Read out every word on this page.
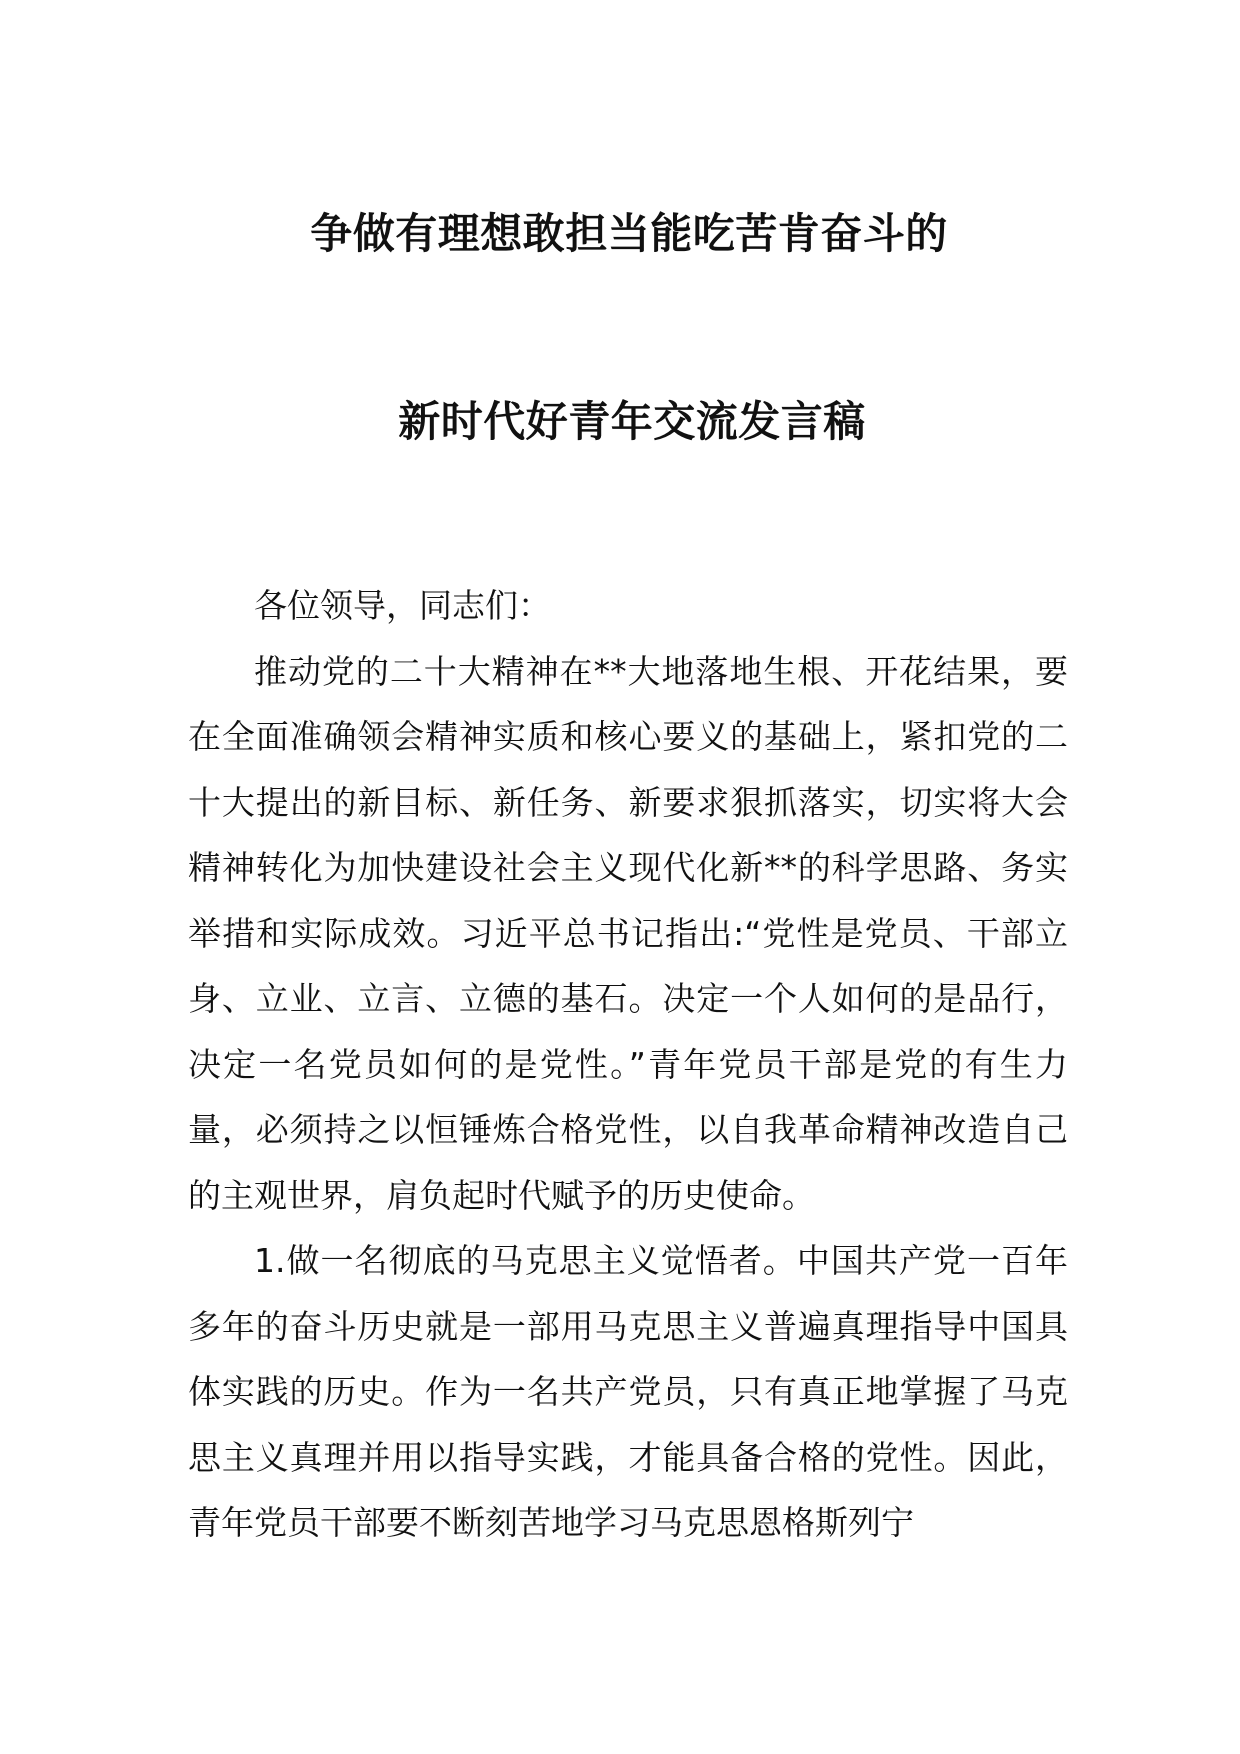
争做有理想敢担当能吃苦肯奋斗的
新时代好青年交流发言稿

各位领导，同志们：

推动党的二十大精神在**大地落地生根、开花结果，要在全面准确领会精神实质和核心要义的基础上，紧扣党的二十大提出的新目标、新任务、新要求狠抓落实，切实将大会精神转化为加快建设社会主义现代化新**的科学思路、务实举措和实际成效。习近平总书记指出:“党性是党员、干部立身、立业、立言、立德的基石。决定一个人如何的是品行，决定一名党员如何的是党性。”青年党员干部是党的有生力量，必须持之以恒锤炼合格党性，以自我革命精神改造自己的主观世界，肩负起时代赋予的历史使命。

1.做一名彻底的马克思主义觉悟者。中国共产党一百年多年的奋斗历史就是一部用马克思主义普遍真理指导中国具体实践的历史。作为一名共产党员，只有真正地掌握了马克思主义真理并用以指导实践，才能具备合格的党性。因此，青年党员干部要不断刻苦地学习马克思恩格斯列宁
